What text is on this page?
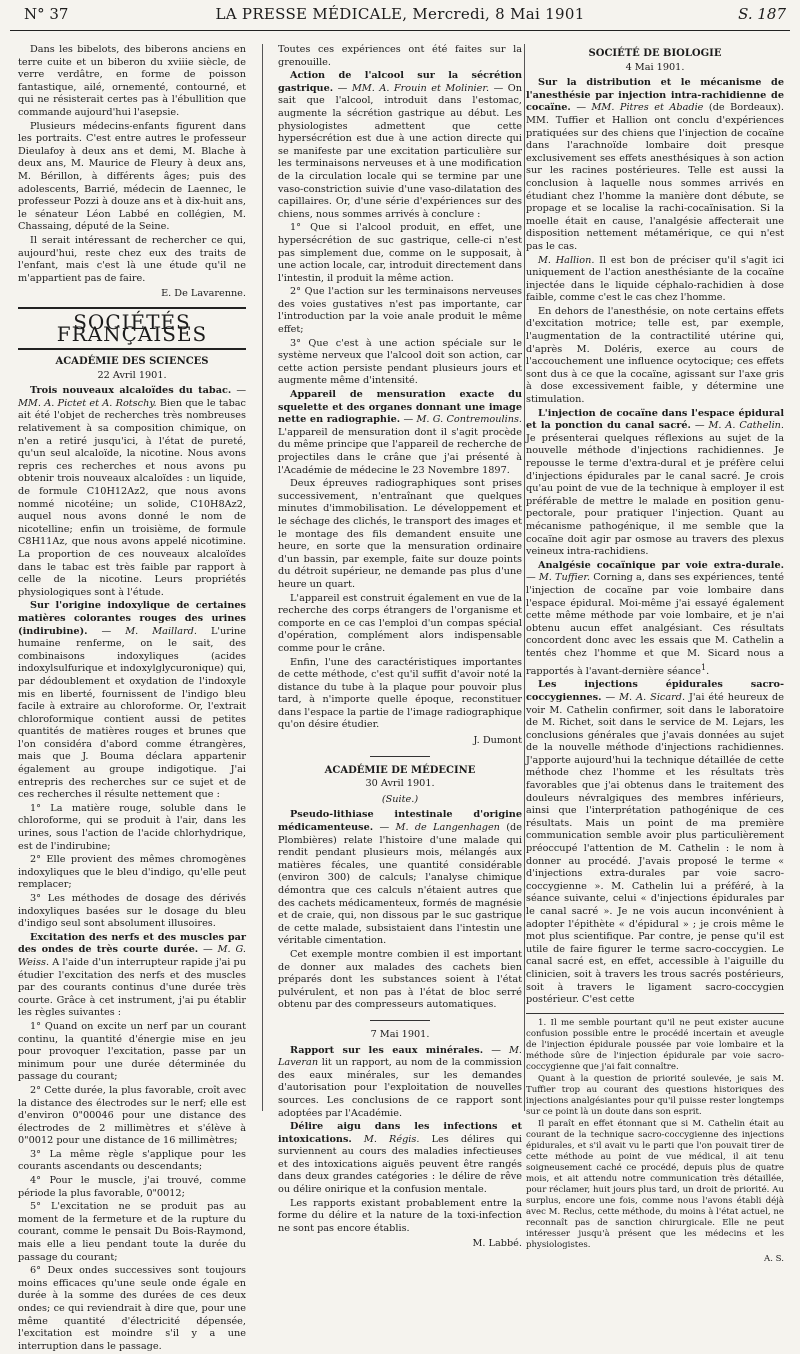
N° 37	LA PRESSE MÉDICALE, Mercredi, 8 Mai 1901	S. 187

Dans les bibelots, des biberons anciens en terre cuite et un biberon du xviiie siècle, de verre verdâtre, en forme de poisson fantastique, ailé, ornementé, contourné, et qui ne résisterait certes pas à l'ébullition que commande aujourd'hui l'asepsie.

Plusieurs médecins-enfants figurent dans les portraits. C'est entre autres le professeur Dieulafoy à deux ans et demi, M. Blache à deux ans, M. Maurice de Fleury à deux ans, M. Bérillon, à différents âges; puis des adolescents, Barrié, médecin de Laennec, le professeur Pozzi à douze ans et à dix-huit ans, le sénateur Léon Labbé en collégien, M. Chassaing, député de la Seine.

Il serait intéressant de rechercher ce qui, aujourd'hui, reste chez eux des traits de l'enfant, mais c'est là une étude qu'il ne m'appartient pas de faire.

E. De Lavarenne.
SOCIÉTÉS FRANÇAISES
ACADÉMIE DES SCIENCES
22 Avril 1901.

Trois nouveaux alcaloïdes du tabac. — MM. A. Pictet et A. Rotschy. Bien que le tabac ait été l'objet de recherches très nombreuses relativement à sa composition chimique, on n'en a retiré jusqu'ici, à l'état de pureté, qu'un seul alcaloïde, la nicotine. Nous avons repris ces recherches et nous avons pu obtenir trois nouveaux alcaloïdes : un liquide, de formule C10H12Az2, que nous avons nommé nicotéine; un solide, C10H8Az2, auquel nous avons donné le nom de nicotelline; enfin un troisième, de formule C8H11Az, que nous avons appelé nicotimine. La proportion de ces nouveaux alcaloïdes dans le tabac est très faible par rapport à celle de la nicotine. Leurs propriétés physiologiques sont à l'étude.

Sur l'origine indoxylique de certaines matières colorantes rouges des urines (indirubine). — M. Maillard. L'urine humaine renferme, on le sait, des combinaisons indoxyliques (acides indoxylsulfurique et indoxylglycuronique) qui, par dédoublement et oxydation de l'indoxyle mis en liberté, fournissent de l'indigo bleu facile à extraire au chloroforme. Or, l'extrait chloroformique contient aussi de petites quantités de matières rouges et brunes que l'on considéra d'abord comme étrangères, mais que J. Bouma déclara appartenir également au groupe indigotique. J'ai entrepris des recherches sur ce sujet et de ces recherches il résulte nettement que :

1° La matière rouge, soluble dans le chloroforme, qui se produit à l'air, dans les urines, sous l'action de l'acide chlorhydrique, est de l'indirubine;

2° Elle provient des mêmes chromogènes indoxyliques que le bleu d'indigo, qu'elle peut remplacer;

3° Les méthodes de dosage des dérivés indoxyliques basées sur le dosage du bleu d'indigo seul sont absolument illusoires.

Excitation des nerfs et des muscles par des ondes de très courte durée. — M. G. Weiss. A l'aide d'un interrupteur rapide j'ai pu étudier l'excitation des nerfs et des muscles par des courants continus d'une durée très courte. Grâce à cet instrument, j'ai pu établir les règles suivantes :

1° Quand on excite un nerf par un courant continu, la quantité d'énergie mise en jeu pour provoquer l'excitation, passe par un minimum pour une durée déterminée du passage du courant;

2° Cette durée, la plus favorable, croît avec la distance des électrodes sur le nerf; elle est d'environ 0"00046 pour une distance des électrodes de 2 millimètres et s'élève à 0"0012 pour une distance de 16 millimètres;

3° La même règle s'applique pour les courants ascendants ou descendants;

4° Pour le muscle, j'ai trouvé, comme période la plus favorable, 0"0012;

5° L'excitation ne se produit pas au moment de la fermeture et de la rupture du courant, comme le pensait Du Bois-Raymond, mais elle a lieu pendant toute la durée du passage du courant;

6° Deux ondes successives sont toujours moins efficaces qu'une seule onde égale en durée à la somme des durées de ces deux ondes; ce qui reviendrait à dire que, pour une même quantité d'électricité dépensée, l'excitation est moindre s'il y a une interruption dans le passage.

Toutes ces expériences ont été faites sur la grenouille.

Action de l'alcool sur la sécrétion gastrique. — MM. A. Frouin et Molinier. — On sait que l'alcool, introduit dans l'estomac, augmente la sécrétion gastrique au début. Les physiologistes admettent que cette hypersécrétion est due à une action directe qui se manifeste par une excitation particulière sur les terminaisons nerveuses et à une modification de la circulation locale qui se termine par une vaso-constriction suivie d'une vaso-dilatation des capillaires. Or, d'une série d'expériences sur des chiens, nous sommes arrivés à conclure :

1° Que si l'alcool produit, en effet, une hypersécrétion de suc gastrique, celle-ci n'est pas simplement due, comme on le supposait, à une action locale, car, introduit directement dans l'intestin, il produit la même action.

2° Que l'action sur les terminaisons nerveuses des voies gustatives n'est pas importante, car l'introduction par la voie anale produit le même effet;

3° Que c'est à une action spéciale sur le système nerveux que l'alcool doit son action, car cette action persiste pendant plusieurs jours et augmente même d'intensité.

Appareil de mensuration exacte du squelette et des organes donnant une image nette en radiographie. — M. G. Contremoulins. L'appareil de mensuration dont il s'agit procède du même principe que l'appareil de recherche de projectiles dans le crâne que j'ai présenté à l'Académie de médecine le 23 Novembre 1897.

Deux épreuves radiographiques sont prises successivement, n'entraînant que quelques minutes d'immobilisation. Le développement et le séchage des clichés, le transport des images et le montage des fils demandent ensuite une heure, en sorte que la mensuration ordinaire d'un bassin, par exemple, faite sur douze points du détroit supérieur, ne demande pas plus d'une heure un quart.

L'appareil est construit également en vue de la recherche des corps étrangers de l'organisme et comporte en ce cas l'emploi d'un compas spécial d'opération, complément alors indispensable comme pour le crâne.

Enfin, l'une des caractéristiques importantes de cette méthode, c'est qu'il suffit d'avoir noté la distance du tube à la plaque pour pouvoir plus tard, à n'importe quelle époque, reconstituer dans l'espace la partie de l'image radiographique qu'on désire étudier.

J. Dumont
ACADÉMIE DE MÉDECINE
30 Avril 1901.
(Suite.)

Pseudo-lithiase intestinale d'origine médicamenteuse. — M. de Langenhagen (de Plombières) relate l'histoire d'une malade qui rendit pendant plusieurs mois, mélangés aux matières fécales, une quantité considérable (environ 300) de calculs; l'analyse chimique démontra que ces calculs n'étaient autres que des cachets médicamenteux, formés de magnésie et de craie, qui, non dissous par le suc gastrique de cette malade, subsistaient dans l'intestin une véritable cimentation.

Cet exemple montre combien il est important de donner aux malades des cachets bien préparés dont les substances soient à l'état pulvérulent, et non pas à l'état de bloc serré obtenu par des compresseurs automatiques.

7 Mai 1901.

Rapport sur les eaux minérales. — M. Laveran lit un rapport, au nom de la commission des eaux minérales, sur les demandes d'autorisation pour l'exploitation de nouvelles sources. Les conclusions de ce rapport sont adoptées par l'Académie.

Délire aigu dans les infections et intoxications. M. Régis. Les délires qui surviennent au cours des maladies infectieuses et des intoxications aiguës peuvent être rangés dans deux grandes catégories : le délire de rêve ou délire onirique et la confusion mentale.

Les rapports existant probablement entre la forme du délire et la nature de la toxi-infection ne sont pas encore établis.

M. Labbé.
SOCIÉTÉ DE BIOLOGIE
4 Mai 1901.

Sur la distribution et le mécanisme de l'anesthésie par injection intra-rachidienne de cocaïne. — MM. Pitres et Abadie (de Bordeaux). MM. Tuffier et Hallion ont conclu d'expériences pratiquées sur des chiens que l'injection de cocaïne dans l'arachnoïde lombaire doit presque exclusivement ses effets anesthésiques à son action sur les racines postérieures. Telle est aussi la conclusion à laquelle nous sommes arrivés en étudiant chez l'homme la manière dont débute, se propage et se localise la rachi-cocaïnisation. Si la moelle était en cause, l'analgésie affecterait une disposition nettement métamérique, ce qui n'est pas le cas.

M. Hallion. Il est bon de préciser qu'il s'agit ici uniquement de l'action anesthésiante de la cocaïne injectée dans le liquide céphalo-rachidien à dose faible, comme c'est le cas chez l'homme.

En dehors de l'anesthésie, on note certains effets d'excitation motrice; telle est, par exemple, l'augmentation de la contractilité utérine qui, d'après M. Doléris, exerce au cours de l'accouchement une influence ocytocique; ces effets sont dus à ce que la cocaïne, agissant sur l'axe gris à dose excessivement faible, y détermine une stimulation.

L'injection de cocaïne dans l'espace épidural et la ponction du canal sacré. — M. A. Cathelin. Je présenterai quelques réflexions au sujet de la nouvelle méthode d'injections rachidiennes. Je repousse le terme d'extra-dural et je préfère celui d'injections épidurales par le canal sacré. Je crois qu'au point de vue de la technique à employer il est préférable de mettre le malade en position genu-pectorale, pour pratiquer l'injection. Quant au mécanisme pathogénique, il me semble que la cocaïne doit agir par osmose au travers des plexus veineux intra-rachidiens.

Analgésie cocaïnique par voie extra-durale. — M. Tuffier. Corning a, dans ses expériences, tenté l'injection de cocaïne par voie lombaire dans l'espace épidural. Moi-même j'ai essayé également cette même méthode par voie lombaire, et je n'ai obtenu aucun effet analgésiant. Ces résultats concordent donc avec les essais que M. Cathelin a tentés chez l'homme et que M. Sicard nous a rapportés à l'avant-dernière séance$^1$.

Les injections épidurales sacro-coccygiennes. — M. A. Sicard. J'ai été heureux de voir M. Cathelin confirmer, soit dans le laboratoire de M. Richet, soit dans le service de M. Lejars, les conclusions générales que j'avais données au sujet de la nouvelle méthode d'injections rachidiennes. J'apporte aujourd'hui la technique détaillée de cette méthode chez l'homme et les résultats très favorables que j'ai obtenus dans le traitement des douleurs névralgiques des membres inférieurs, ainsi que l'interprétation pathogénique de ces résultats. Mais un point de ma première communication semble avoir plus particulièrement préoccupé l'attention de M. Cathelin : le nom à donner au procédé. J'avais proposé le terme « d'injections extra-durales par voie sacro-coccygienne ». M. Cathelin lui a préféré, à la séance suivante, celui « d'injections épidurales par le canal sacré ». Je ne vois aucun inconvénient à adopter l'épithète « d'épidural » ; je crois même le mot plus scientifique. Par contre, je pense qu'il est utile de faire figurer le terme sacro-coccygien. Le canal sacré est, en effet, accessible à l'aiguille du clinicien, soit à travers les trous sacrés postérieurs, soit à travers le ligament sacro-coccygien postérieur. C'est cette

1. Il me semble pourtant qu'il ne peut exister aucune confusion possible entre le procédé incertain et aveugle de l'injection épidurale poussée par voie lombaire et la méthode sûre de l'injection épidurale par voie sacro-coccygienne que j'ai fait connaître.

Quant à la question de priorité soulevée, je sais M. Tuffier trop au courant des questions historiques des injections analgésiantes pour qu'il puisse rester longtemps sur ce point là un doute dans son esprit.

Il paraît en effet étonnant que si M. Cathelin était au courant de la technique sacro-coccygienne des injections épidurales, et s'il avait vu le parti que l'on pouvait tirer de cette méthode au point de vue médical, il ait tenu soigneusement caché ce procédé, depuis plus de quatre mois, et ait attendu notre communication très détaillée, pour réclamer, huit jours plus tard, un droit de priorité. Au surplus, encore une fois, comme nous l'avons établi déjà avec M. Reclus, cette méthode, du moins à l'état actuel, ne reconnaît pas de sanction chirurgicale. Elle ne peut intéresser jusqu'à présent que les médecins et les physiologistes.

A. S.
